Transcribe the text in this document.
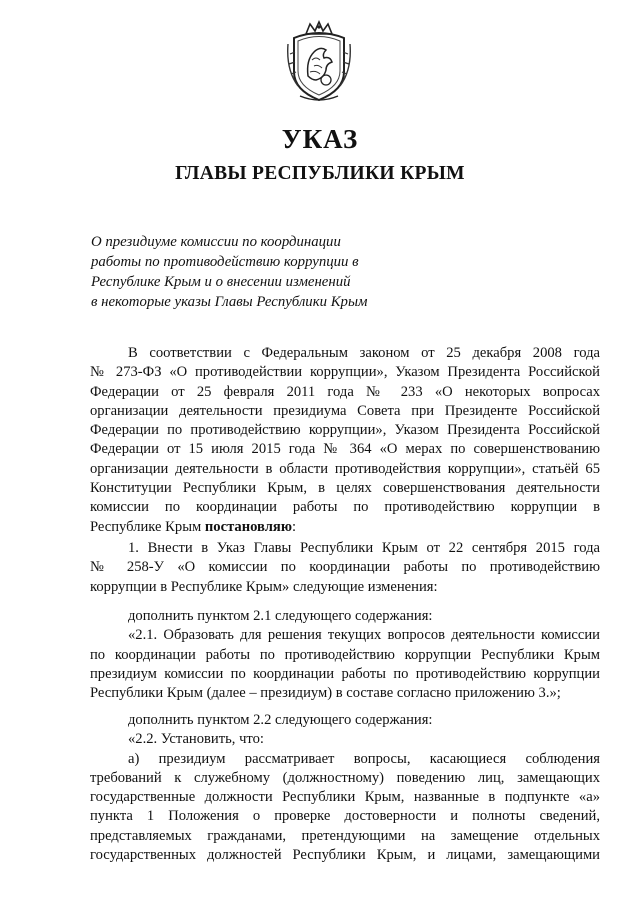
УКАЗ
ГЛАВЫ РЕСПУБЛИКИ КРЫМ
О президиуме комиссии по координации
работы по противодействию коррупции в
Республике Крым и о внесении изменений
в некоторые указы Главы Республики Крым
В соответствии с Федеральным законом от 25 декабря 2008 года
№ 273-ФЗ «О противодействии коррупции», Указом Президента Российской
Федерации от 25 февраля 2011 года № 233 «О некоторых вопросах
организации деятельности президиума Совета при Президенте Российской
Федерации по противодействию коррупции», Указом Президента Российской
Федерации от 15 июля 2015 года № 364 «О мерах по совершенствованию
организации деятельности в области противодействия коррупции», статьёй 65
Конституции Республики Крым, в целях совершенствования деятельности
комиссии по координации работы по противодействию коррупции в
Республике Крым постановляю:
1. Внести в Указ Главы Республики Крым от 22 сентября 2015 года
№ 258-У «О комиссии по координации работы по противодействию
коррупции в Республике Крым» следующие изменения:
дополнить пунктом 2.1 следующего содержания:
«2.1. Образовать для решения текущих вопросов деятельности комиссии
по координации работы по противодействию коррупции Республики Крым
президиум комиссии по координации работы по противодействию коррупции
Республики Крым (далее – президиум) в составе согласно приложению 3.»;
дополнить пунктом 2.2 следующего содержания:
«2.2. Установить, что:
а) президиум рассматривает вопросы, касающиеся соблюдения
требований к служебному (должностному) поведению лиц, замещающих
государственные должности Республики Крым, названные в подпункте «а»
пункта 1 Положения о проверке достоверности и полноты сведений,
представляемых гражданами, претендующими на замещение отдельных
государственных должностей Республики Крым, и лицами, замещающими
